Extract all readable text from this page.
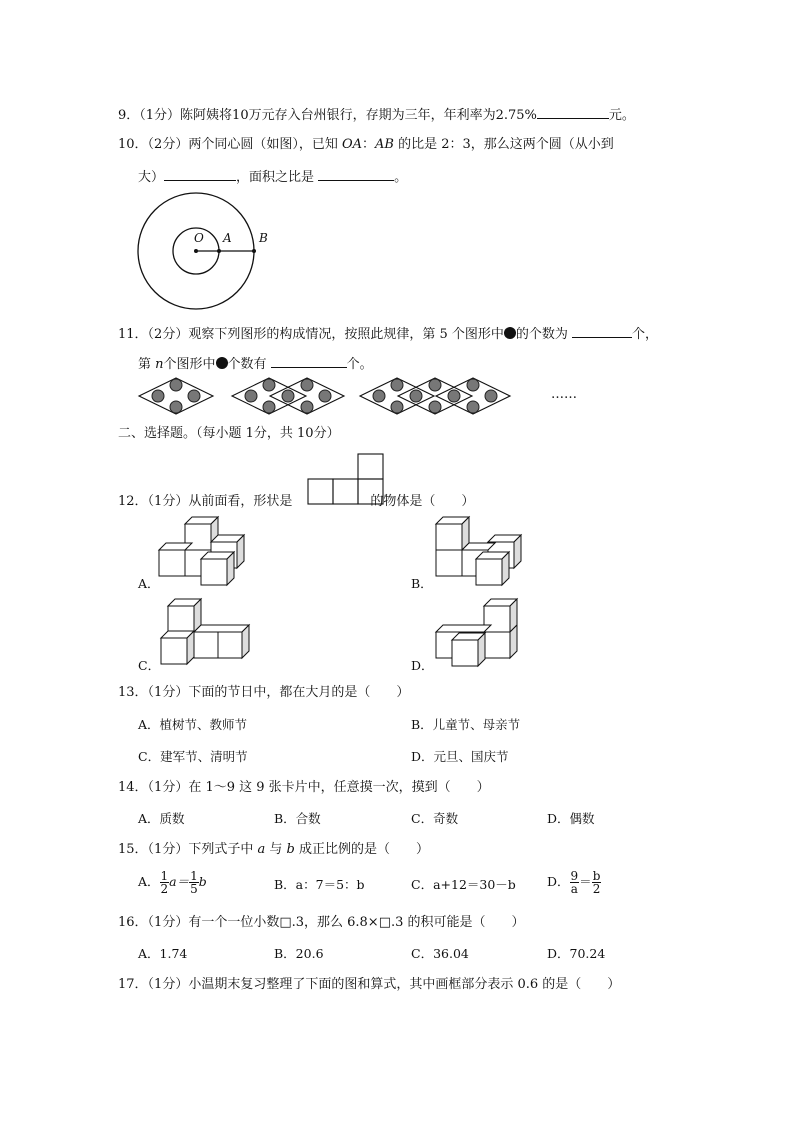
9．（1分）陈阿姨将10万元存入台州银行，存期为三年，年利率为2.75%	元。
10．（2分）两个同心圆（如图），已知 OA：AB 的比是 2：3，那么这两个圆（从小到
大）	，面积之比是	。
O A B
11．（2分）观察下列图形的构成情况，按照此规律，第 5 个图形中 的个数为	个，
第 n个图形中 个数有	个。
……
二、选择题。（每小题 1分，共 10分）
12．（1分）从前面看，形状是	的物体是（　　）
A．	B．
C．	D．
13．（1分）下面的节日中，都在大月的是（　　）
A．植树节、教师节	B．儿童节、母亲节
C．建军节、清明节	D．元旦、国庆节
14．（1分）在 1～9 这 9 张卡片中，任意摸一次，摸到（　　）
A．质数	B．合数	C．奇数	D．偶数
15．（1分）下列式子中 a 与 b 成正比例的是（　　）
A． $\frac{1}{2} a= \frac{1}{5}$ b	B．a：7＝5：b	C．a+12＝30－b D． $\frac{9}{a} = \frac{b}{2}$
16．（1分）有一个一位小数□.3，那么 6.8×□.3 的积可能是（　　）
A．1.74	B．20.6	C．36.04	D．70.24
17．（1分）小温期末复习整理了下面的图和算式，其中画框部分表示 0.6 的是（　　）
